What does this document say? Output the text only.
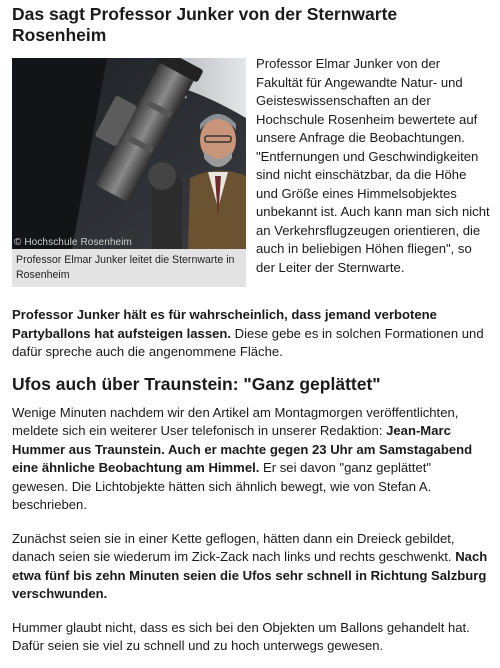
Das sagt Professor Junker von der Sternwarte Rosenheim
© Hochschule Rosenheim
Professor Elmar Junker leitet die Sternwarte in Rosenheim

Professor Elmar Junker von der Fakultät für Angewandte Natur- und Geisteswissenschaften an der Hochschule Rosenheim bewertete auf unsere Anfrage die Beobachtungen. "Entfernungen und Geschwindigkeiten sind nicht einschätzbar, da die Höhe und Größe eines Himmelsobjektes unbekannt ist. Auch kann man sich nicht an Verkehrsflugzeugen orientieren, die auch in beliebigen Höhen fliegen", so der Leiter der Sternwarte.

Professor Junker hält es für wahrscheinlich, dass jemand verbotene Partyballons hat aufsteigen lassen. Diese gebe es in solchen Formationen und dafür spreche auch die angenommene Fläche.

Ufos auch über Traunstein: "Ganz geplättet"

Wenige Minuten nachdem wir den Artikel am Montagmorgen veröffentlichten, meldete sich ein weiterer User telefonisch in unserer Redaktion: Jean-Marc Hummer aus Traunstein. Auch er machte gegen 23 Uhr am Samstagabend eine ähnliche Beobachtung am Himmel. Er sei davon "ganz geplättet" gewesen. Die Lichtobjekte hätten sich ähnlich bewegt, wie von Stefan A. beschrieben.

Zunächst seien sie in einer Kette geflogen, hätten dann ein Dreieck gebildet, danach seien sie wiederum im Zick-Zack nach links und rechts geschwenkt. Nach etwa fünf bis zehn Minuten seien die Ufos sehr schnell in Richtung Salzburg verschwunden.

Hummer glaubt nicht, dass es sich bei den Objekten um Ballons gehandelt hat. Dafür seien sie viel zu schnell und zu hoch unterwegs gewesen.
